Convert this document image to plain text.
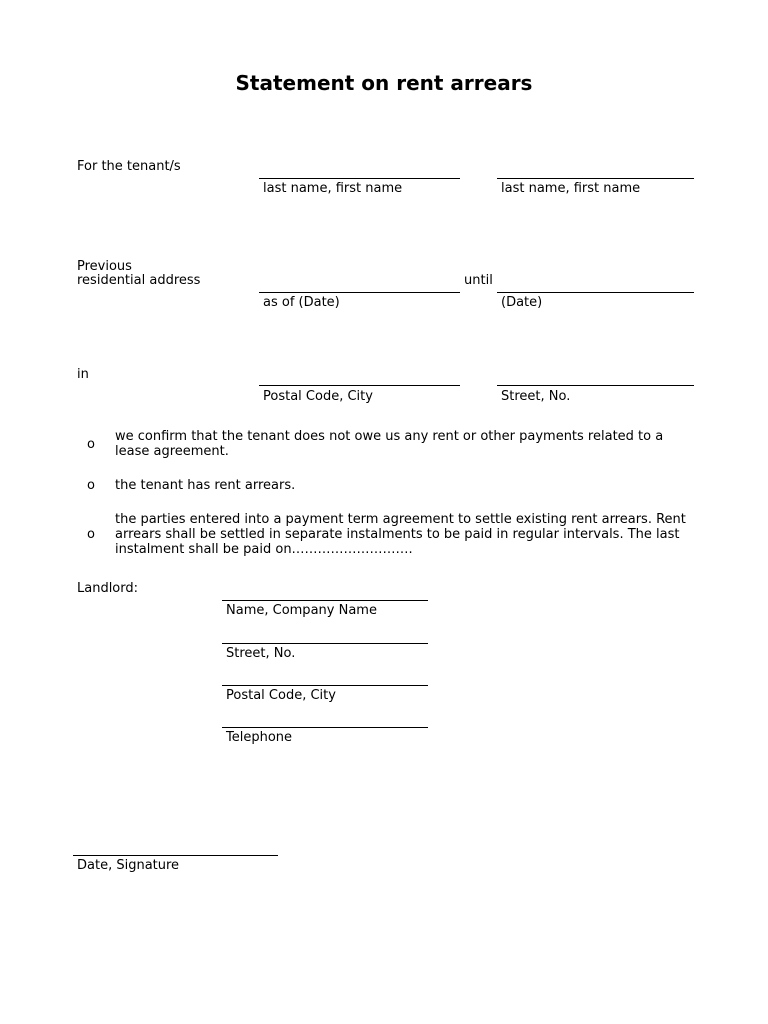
Statement on rent arrears
For the tenant/s
last name, first name	last name, first name
Previous
residential address	until
as of (Date)	(Date)
in
Postal Code, City	Street, No.
o
we confirm that the tenant does not owe us any rent or other payments related to a lease agreement.
o the tenant has rent arrears.
o
the parties entered into a payment term agreement to settle existing rent arrears. Rent arrears shall be settled in separate instalments to be paid in regular intervals. The last instalment shall be paid on……………………….
Landlord:
Name, Company Name
Street, No.
Postal Code, City
Telephone
Date, Signature
